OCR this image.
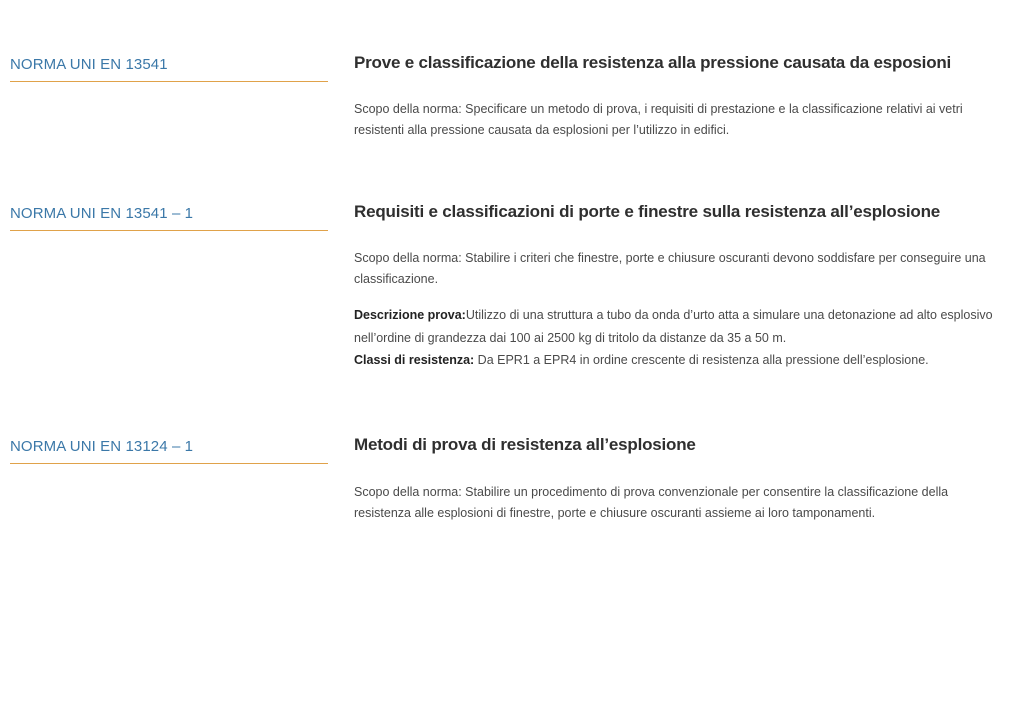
NORMA UNI EN 13541	Prove e classificazione della resistenza alla pressione causata da esposioni
Scopo della norma: Specificare un metodo di prova, i requisiti di prestazione e la classificazione relativi ai vetri resistenti alla pressione causata da esplosioni per l’utilizzo in edifici.
NORMA UNI EN 13541 – 1	Requisiti e classificazioni di porte e finestre sulla resistenza all’esplosione
Scopo della norma: Stabilire i criteri che finestre, porte e chiusure oscuranti devono soddisfare per conseguire una classificazione.
Descrizione prova:Utilizzo di una struttura a tubo da onda d’urto atta a simulare una detonazione ad alto esplosivo nell’ordine di grandezza dai 100 ai 2500 kg di tritolo da distanze da 35 a 50 m.
Classi di resistenza: Da EPR1 a EPR4 in ordine crescente di resistenza alla pressione dell’esplosione.
NORMA UNI EN 13124 – 1	Metodi di prova di resistenza all’esplosione
Scopo della norma: Stabilire un procedimento di prova convenzionale per consentire la classificazione della resistenza alle esplosioni di finestre, porte e chiusure oscuranti assieme ai loro tamponamenti.
